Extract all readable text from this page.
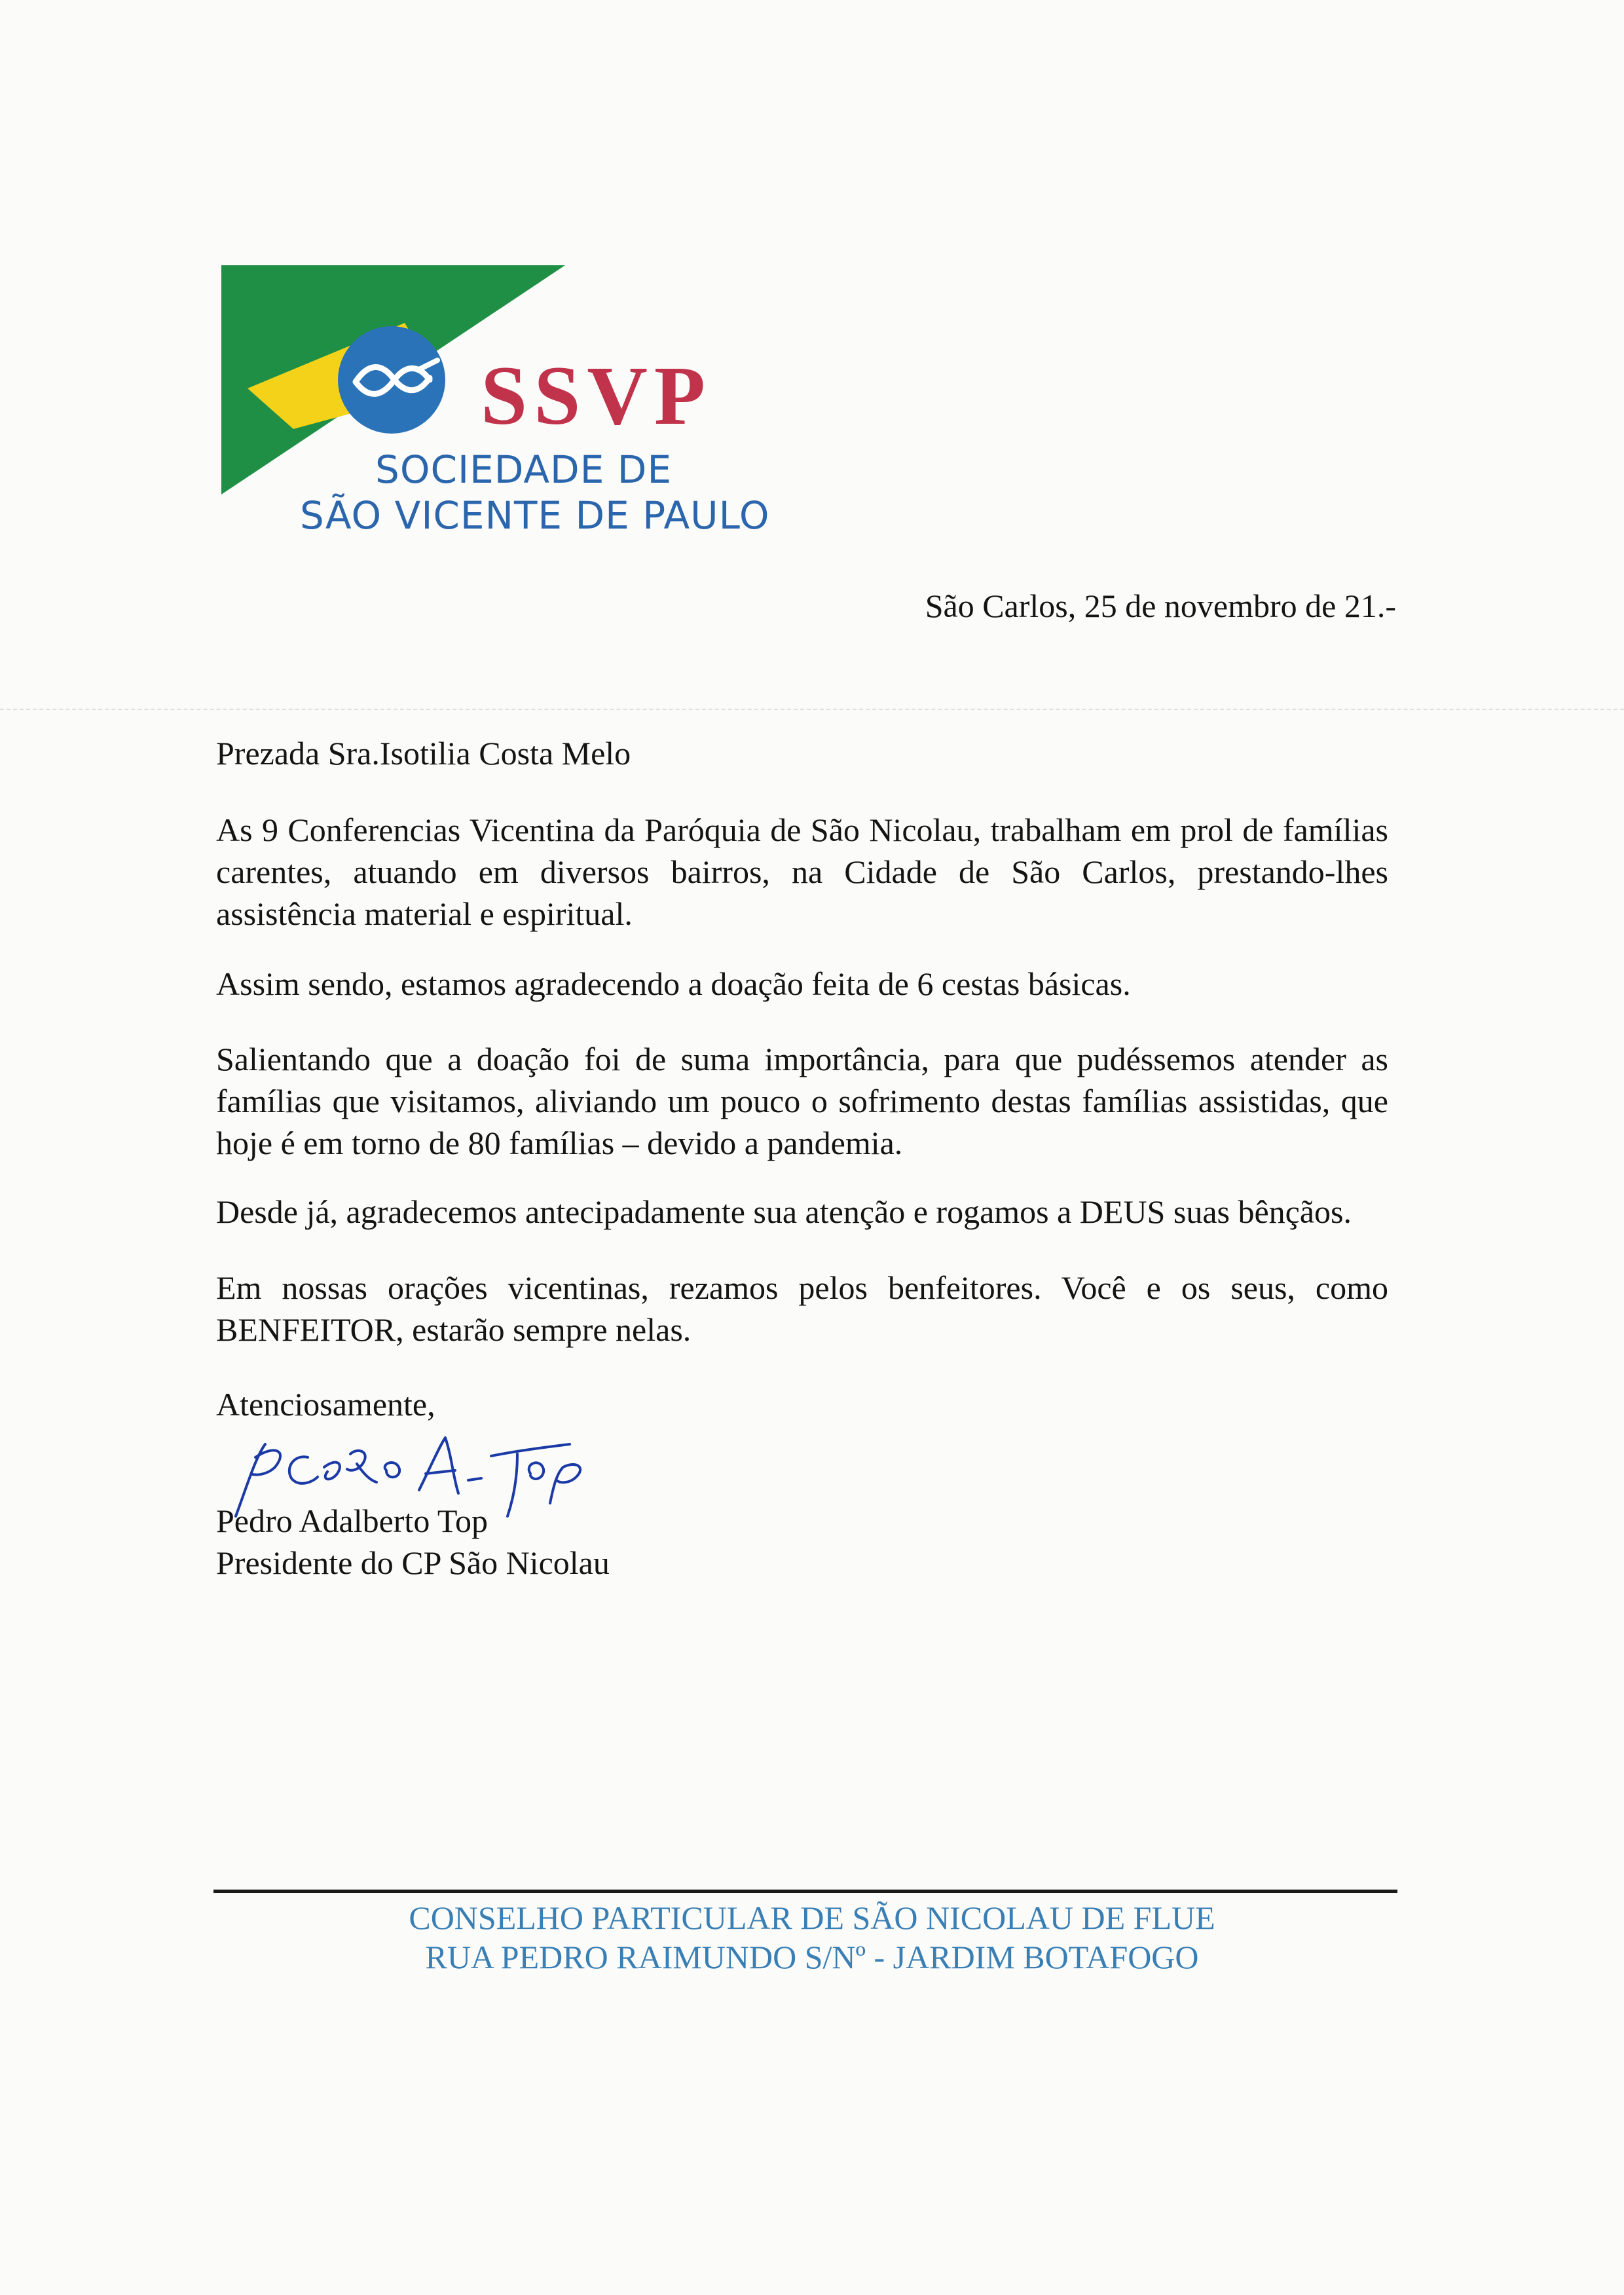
SSVP
SOCIEDADE DE
SÃO VICENTE DE PAULO
São Carlos, 25 de novembro de 21.-
Prezada Sra.Isotilia Costa Melo
As 9 Conferencias Vicentina da Paróquia de São Nicolau, trabalham em prol de famílias carentes, atuando em diversos bairros, na Cidade de São Carlos, prestando-lhes assistência material e espiritual.
Assim sendo, estamos agradecendo a doação feita de 6 cestas básicas.
Salientando que a doação foi de suma importância, para que pudéssemos atender as famílias que visitamos, aliviando um pouco o sofrimento destas famílias assistidas, que hoje é em torno de 80 famílias – devido a pandemia.
Desde já, agradecemos antecipadamente sua atenção e rogamos a DEUS suas bênçãos.
Em nossas orações vicentinas, rezamos pelos benfeitores. Você e os seus, como BENFEITOR, estarão sempre nelas.
Atenciosamente,
Pedro Adalberto Top
Presidente do CP São Nicolau
CONSELHO PARTICULAR DE SÃO NICOLAU DE FLUE
RUA PEDRO RAIMUNDO S/Nº - JARDIM BOTAFOGO
